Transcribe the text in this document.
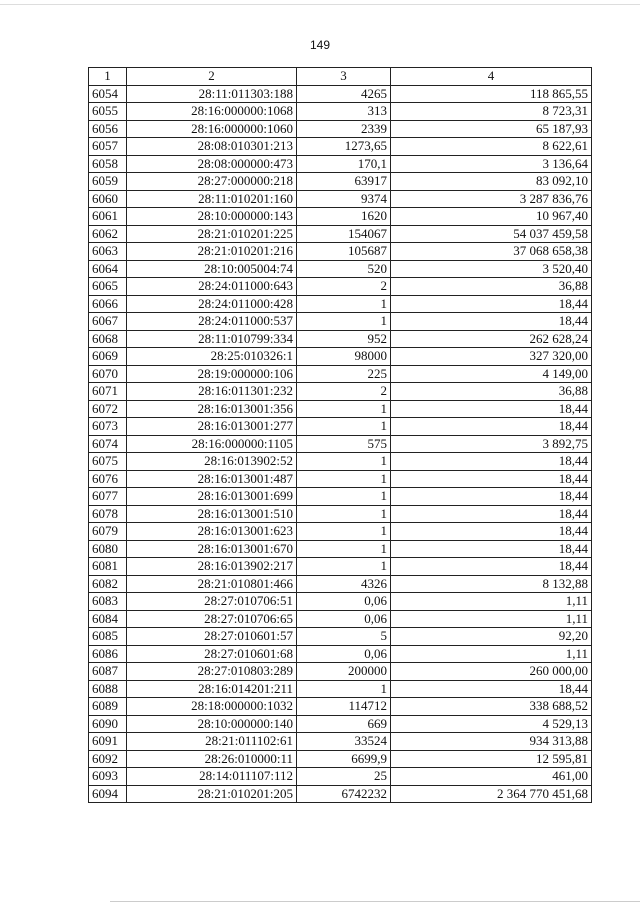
149
1	2	3	4
6054	28:11:011303:188	4265	118 865,55
6055	28:16:000000:1068	313	8 723,31
6056	28:16:000000:1060	2339	65 187,93
6057	28:08:010301:213	1273,65	8 622,61
6058	28:08:000000:473	170,1	3 136,64
6059	28:27:000000:218	63917	83 092,10
6060	28:11:010201:160	9374	3 287 836,76
6061	28:10:000000:143	1620	10 967,40
6062	28:21:010201:225	154067	54 037 459,58
6063	28:21:010201:216	105687	37 068 658,38
6064	28:10:005004:74	520	3 520,40
6065	28:24:011000:643	2	36,88
6066	28:24:011000:428	1	18,44
6067	28:24:011000:537	1	18,44
6068	28:11:010799:334	952	262 628,24
6069	28:25:010326:1	98000	327 320,00
6070	28:19:000000:106	225	4 149,00
6071	28:16:011301:232	2	36,88
6072	28:16:013001:356	1	18,44
6073	28:16:013001:277	1	18,44
6074	28:16:000000:1105	575	3 892,75
6075	28:16:013902:52	1	18,44
6076	28:16:013001:487	1	18,44
6077	28:16:013001:699	1	18,44
6078	28:16:013001:510	1	18,44
6079	28:16:013001:623	1	18,44
6080	28:16:013001:670	1	18,44
6081	28:16:013902:217	1	18,44
6082	28:21:010801:466	4326	8 132,88
6083	28:27:010706:51	0,06	1,11
6084	28:27:010706:65	0,06	1,11
6085	28:27:010601:57	5	92,20
6086	28:27:010601:68	0,06	1,11
6087	28:27:010803:289	200000	260 000,00
6088	28:16:014201:211	1	18,44
6089	28:18:000000:1032	114712	338 688,52
6090	28:10:000000:140	669	4 529,13
6091	28:21:011102:61	33524	934 313,88
6092	28:26:010000:11	6699,9	12 595,81
6093	28:14:011107:112	25	461,00
6094	28:21:010201:205	6742232	2 364 770 451,68
